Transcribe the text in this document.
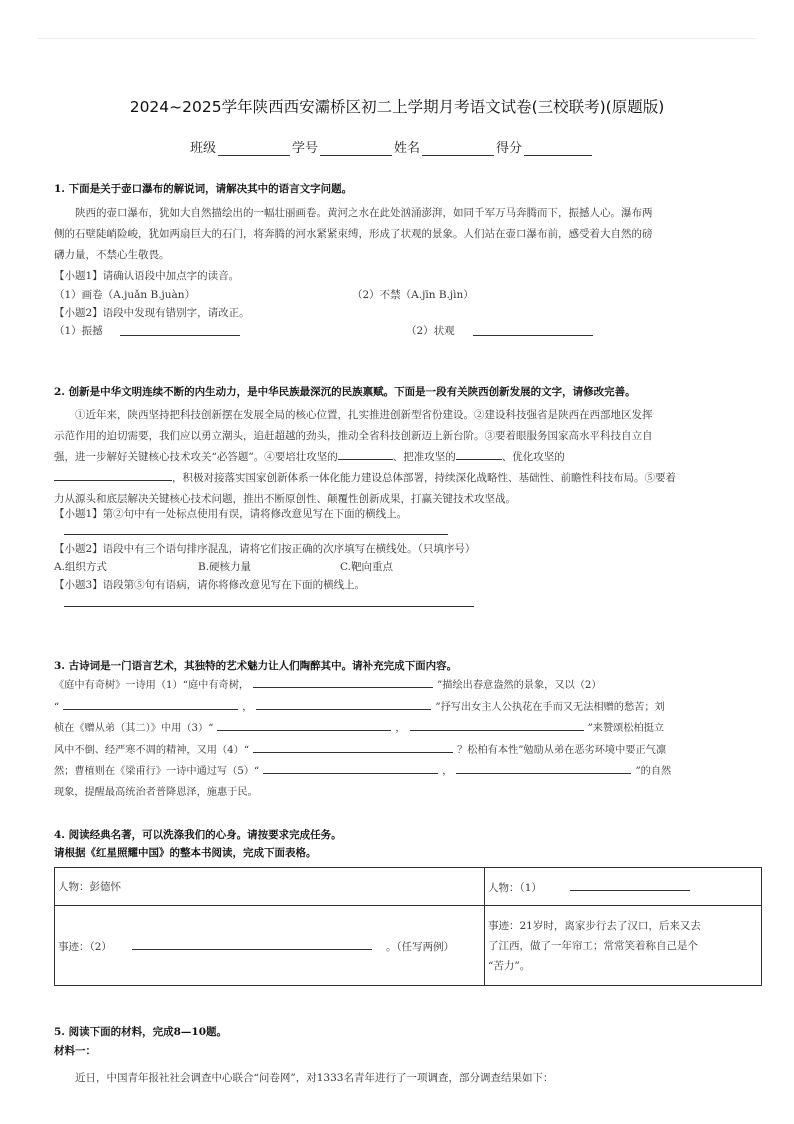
2024~2025学年陕西西安灞桥区初二上学期月考语文试卷(三校联考)(原题版)
班级	学号	姓名	得分
1. 下面是关于壶口瀑布的解说词，请解决其中的语言文字问题。

陕西的壶口瀑布，犹如大自然描绘出的一幅壮丽画卷。黄河之水在此处汹涌澎湃，如同千军万马奔腾而下，振撼人心。瀑布两

侧的石壁陡峭险峻，犹如两扇巨大的石门，将奔腾的河水紧紧束缚，形成了状观的景象。人们站在壶口瀑布前，感受着大自然的磅

礴力量，不禁心生敬畏。

【小题1】请确认语段中加点字的读音。
（1）画卷（A.juǎn B.juàn）	（2）不禁（A.jīn B.jìn）
【小题2】语段中发现有错别字，请改正。
（1）振撼	（2）状观
2. 创新是中华文明连续不断的内生动力，是中华民族最深沉的民族禀赋。下面是一段有关陕西创新发展的文字，请修改完善。

①近年来，陕西坚持把科技创新摆在发展全局的核心位置，扎实推进创新型省份建设。②建设科技强省是陕西在西部地区发挥

示范作用的迫切需要，我们应以勇立潮头，追赶超越的劲头，推动全省科技创新迈上新台阶。③要着眼服务国家高水平科技自立自

强，进一步解好关键核心技术攻关“必答题”。④要培壮攻坚的	、把准攻坚的	、优化攻坚的

，积极对接落实国家创新体系一体化能力建设总体部署，持续深化战略性、基础性、前瞻性科技布局。⑤要着

力从源头和底层解决关键核心技术问题，推出不断原创性、颠覆性创新成果，打赢关键技术攻坚战。

【小题1】第②句中有一处标点使用有误，请将修改意见写在下面的横线上。
【小题2】语段中有三个语句排序混乱，请将它们按正确的次序填写在横线处。（只填序号）
A.组织方式	B.硬核力量	C.靶向重点
【小题3】语段第⑤句有语病，请你将修改意见写在下面的横线上。
3. 古诗词是一门语言艺术，其独特的艺术魅力让人们陶醉其中。请补充完成下面内容。

《庭中有奇树》一诗用（1）“庭中有奇树，	”描绘出春意盎然的景象，又以（2）

“	，	”抒写出女主人公执花在手而又无法相赠的愁苦；刘

桢在《赠从弟（其二）》中用（3）“	，	”来赞颂松柏挺立

风中不倒、经严寒不凋的精神，又用（4）“	？松柏有本性”勉励从弟在恶劣环境中要正气凛

然；曹植则在《梁甫行》一诗中通过写（5）“	，	”的自然

现象，提醒最高统治者普降恩泽，施惠于民。

4. 阅读经典名著，可以洗涤我们的心身。请按要求完成任务。
请根据《红星照耀中国》的整本书阅读，完成下面表格。
人物：彭德怀	人物：（1）
事迹：（2） 。（任写两例）	事迹：21岁时，离家步行去了汉口，后来又去
了江西，做了一年帘工；常常笑着称自己是个
“苦力”。
5. 阅读下面的材料，完成8—10题。
材料一：
近日，中国青年报社社会调查中心联合“问卷网”，对1333名青年进行了一项调查，部分调查结果如下：
